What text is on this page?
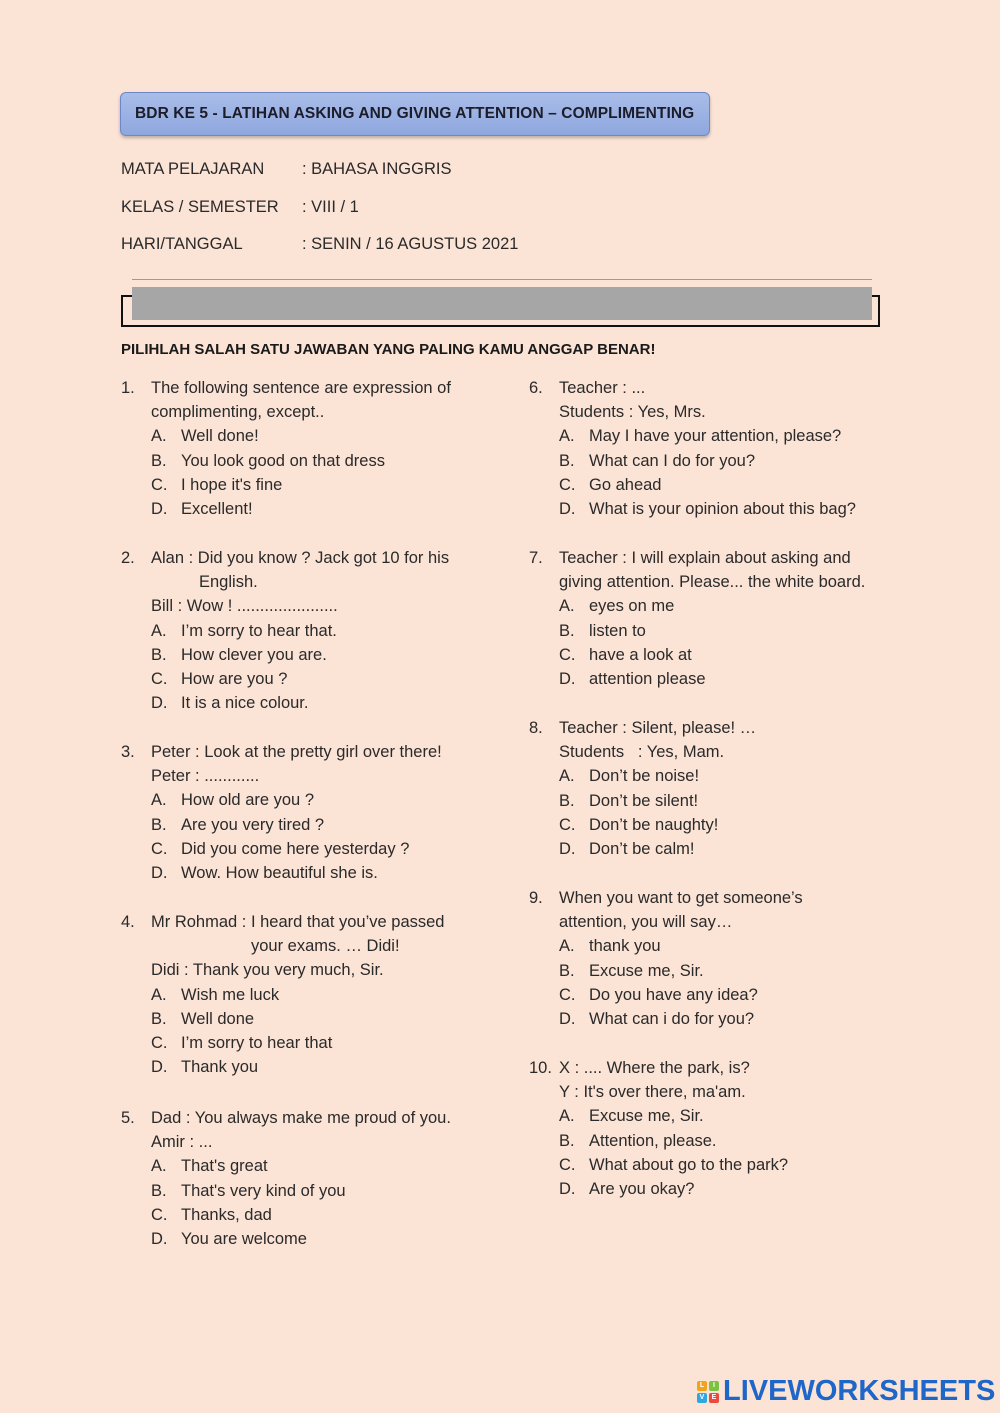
BDR KE 5 - LATIHAN ASKING AND GIVING ATTENTION – COMPLIMENTING
MATA PELAJARAN : BAHASA INGGRIS
KELAS / SEMESTER : VIII / 1
HARI/TANGGAL	: SENIN / 16 AGUSTUS 2021
PILIHLAH SALAH SATU JAWABAN YANG PALING KAMU ANGGAP BENAR!
1. The following sentence are expression of
complimenting, except..
A. Well done!
B. You look good on that dress
C. I hope it's fine
D. Excellent!
2. Alan : Did you know ? Jack got 10 for his
English.
Bill : Wow ! ......................
A. I’m sorry to hear that.
B. How clever you are.
C. How are you ?
D. It is a nice colour.
3. Peter : Look at the pretty girl over there!
Peter : ............
A. How old are you ?
B. Are you very tired ?
C. Did you come here yesterday ?
D. Wow. How beautiful she is.
4. Mr Rohmad : I heard that you’ve passed
your exams. … Didi!
Didi : Thank you very much, Sir.
A. Wish me luck
B. Well done
C. I’m sorry to hear that
D. Thank you
5. Dad : You always make me proud of you.
Amir : ...
A. That's great
B. That's very kind of you
C. Thanks, dad
D. You are welcome
6. Teacher : ...
Students : Yes, Mrs.
A. May I have your attention, please?
B. What can I do for you?
C. Go ahead
D. What is your opinion about this bag?
7. Teacher : I will explain about asking and
giving attention. Please... the white board.
A. eyes on me
B. listen to
C. have a look at
D. attention please
8. Teacher : Silent, please! …
Students   : Yes, Mam.
A. Don’t be noise!
B. Don’t be silent!
C. Don’t be naughty!
D. Don’t be calm!
9. When you want to get someone’s
attention, you will say…
A. thank you
B. Excuse me, Sir.
C. Do you have any idea?
D. What can i do for you?
10. X : .... Where the park, is?
Y : It's over there, ma'am.
A. Excuse me, Sir.
B. Attention, please.
C. What about go to the park?
D. Are you okay?
L	I
V	E LIVEWORKSHEETS
